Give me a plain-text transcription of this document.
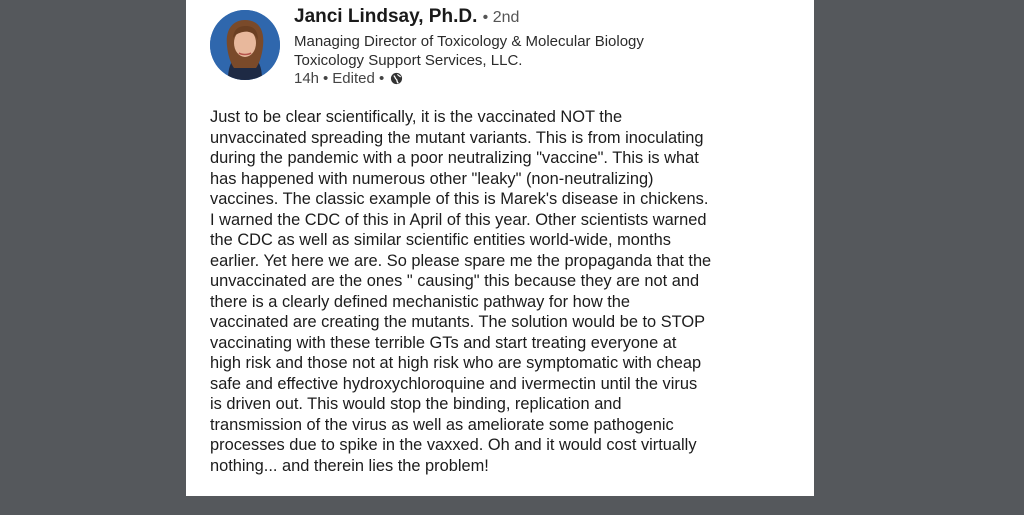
Janci Lindsay, Ph.D. • 2nd
Managing Director of Toxicology & Molecular Biology
Toxicology Support Services, LLC.
14h • Edited •
Just to be clear scientifically, it is the vaccinated NOT the
unvaccinated spreading the mutant variants. This is from inoculating
during the pandemic with a poor neutralizing "vaccine". This is what
has happened with numerous other "leaky" (non-neutralizing)
vaccines. The classic example of this is Marek's disease in chickens.
I warned the CDC of this in April of this year. Other scientists warned
the CDC as well as similar scientific entities world-wide, months
earlier. Yet here we are. So please spare me the propaganda that the
unvaccinated are the ones " causing" this because they are not and
there is a clearly defined mechanistic pathway for how the
vaccinated are creating the mutants. The solution would be to STOP
vaccinating with these terrible GTs and start treating everyone at
high risk and those not at high risk who are symptomatic with cheap
safe and effective hydroxychloroquine and ivermectin until the virus
is driven out. This would stop the binding, replication and
transmission of the virus as well as ameliorate some pathogenic
processes due to spike in the vaxxed. Oh and it would cost virtually
nothing... and therein lies the problem!
